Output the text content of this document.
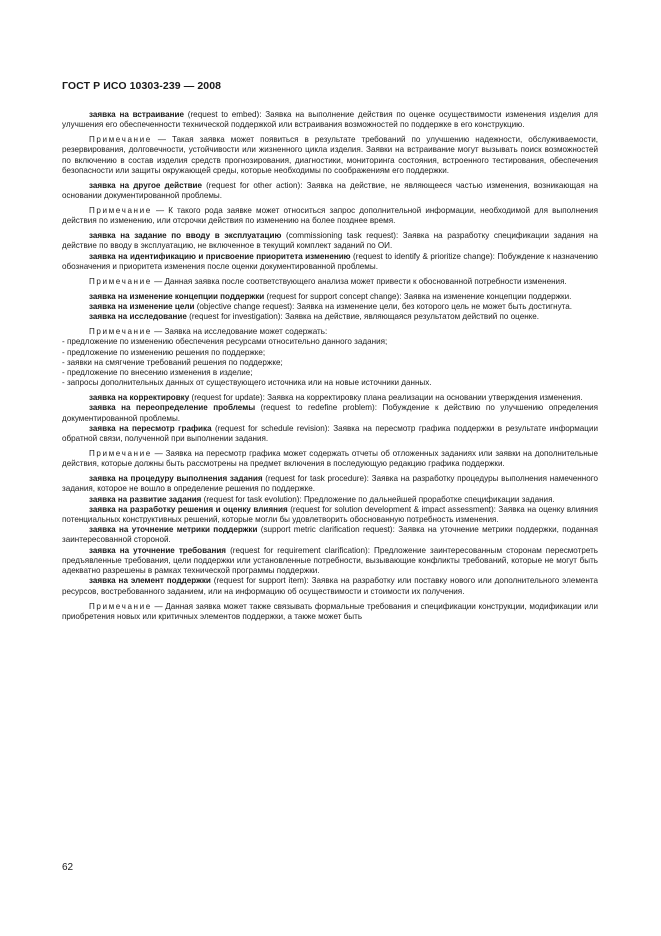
ГОСТ Р ИСО 10303-239 — 2008

заявка на встраивание (request to embed): Заявка на выполнение действия по оценке осуществимости изменения изделия для улучшения его обеспеченности технической поддержкой или встраивания возможностей по поддержке в его конструкцию.

Примечание — Такая заявка может появиться в результате требований по улучшению надежности, обслуживаемости, резервирования, долговечности, устойчивости или жизненного цикла изделия. Заявки на встраивание могут вызывать поиск возможностей по включению в состав изделия средств прогнозирования, диагностики, мониторинга состояния, встроенного тестирования, обеспечения безопасности или защиты окружающей среды, которые необходимы по соображениям его поддержки.

заявка на другое действие (request for other action): Заявка на действие, не являющееся частью изменения, возникающая на основании документированной проблемы.

Примечание — К такого рода заявке может относиться запрос дополнительной информации, необходимой для выполнения действия по изменению, или отсрочки действия по изменению на более позднее время.

заявка на задание по вводу в эксплуатацию (commissioning task request): Заявка на разработку спецификации задания на действие по вводу в эксплуатацию, не включенное в текущий комплект заданий по ОИ.

заявка на идентификацию и присвоение приоритета изменению (request to identify & prioritize change): Побуждение к назначению обозначения и приоритета изменения после оценки документированной проблемы.

Примечание — Данная заявка после соответствующего анализа может привести к обоснованной потребности изменения.

заявка на изменение концепции поддержки (request for support concept change): Заявка на изменение концепции поддержки.

заявка на изменение цели (objective change request): Заявка на изменение цели, без которого цель не может быть достигнута.

заявка на исследование (request for investigation): Заявка на действие, являющаяся результатом действий по оценке.

Примечание — Заявка на исследование может содержать:

- предложение по изменению обеспечения ресурсами относительно данного задания;
- предложение по изменению решения по поддержке;
- заявки на смягчение требований решения по поддержке;
- предложение по внесению изменения в изделие;
- запросы дополнительных данных от существующего источника или на новые источники данных.

заявка на корректировку (request for update): Заявка на корректировку плана реализации на основании утверждения изменения.

заявка на переопределение проблемы (request to redefine problem): Побуждение к действию по улучшению определения документированной проблемы.

заявка на пересмотр графика (request for schedule revision): Заявка на пересмотр графика поддержки в результате информации обратной связи, полученной при выполнении задания.

Примечание — Заявка на пересмотр графика может содержать отчеты об отложенных заданиях или заявки на дополнительные действия, которые должны быть рассмотрены на предмет включения в последующую редакцию графика поддержки.

заявка на процедуру выполнения задания (request for task procedure): Заявка на разработку процедуры выполнения намеченного задания, которое не вошло в определение решения по поддержке.

заявка на развитие задания (request for task evolution): Предложение по дальнейшей проработке спецификации задания.

заявка на разработку решения и оценку влияния (request for solution development & impact assessment): Заявка на оценку влияния потенциальных конструктивных решений, которые могли бы удовлетворить обоснованную потребность изменения.

заявка на уточнение метрики поддержки (support metric clarification request): Заявка на уточнение метрики поддержки, поданная заинтересованной стороной.

заявка на уточнение требования (request for requirement clarification): Предложение заинтересованным сторонам пересмотреть предъявленные требования, цели поддержки или установленные потребности, вызывающие конфликты требований, которые не могут быть адекватно разрешены в рамках технической программы поддержки.

заявка на элемент поддержки (request for support item): Заявка на разработку или поставку нового или дополнительного элемента ресурсов, востребованного заданием, или на информацию об осуществимости и стоимости их получения.

Примечание — Данная заявка может также связывать формальные требования и спецификации конструкции, модификации или приобретения новых или критичных элементов поддержки, а также может быть

62
